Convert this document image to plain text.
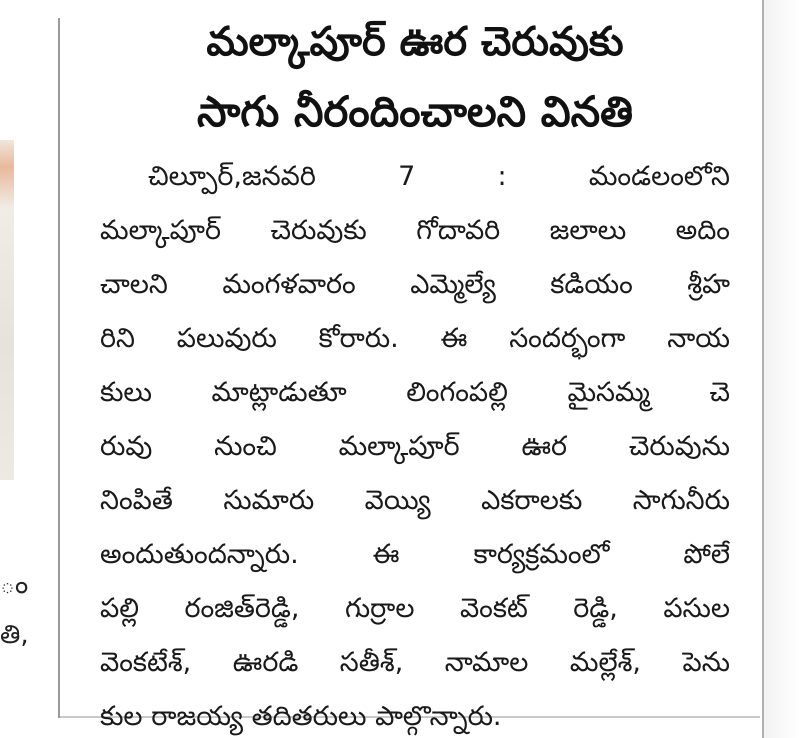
ం
తి,
మల్కాపూర్ ఊర చెరువుకు
సాగు నీరందించాలని వినతి
చిల్పూర్,జనవరి 7 : మండలంలోని
మల్కాపూర్ చెరువుకు గోదావరి జలాలు అదిం
చాలని మంగళవారం ఎమ్మెల్యే కడియం శ్రీహ
రిని పలువురు కోరారు. ఈ సందర్భంగా నాయ
కులు మాట్లాడుతూ లింగంపల్లి మైసమ్మ చె
రువు నుంచి మల్కాపూర్ ఊర చెరువును
నింపితే సుమారు వెయ్యి ఎకరాలకు సాగునీరు
అందుతుందన్నారు. ఈ కార్యక్రమంలో పోలే
పల్లి రంజిత్‌రెడ్డి, గుర్రాల వెంకట్ రెడ్డి, పసుల
వెంకటేశ్, ఊరడి సతీశ్, నామాల మల్లేశ్, పెను
కుల రాజయ్య తదితరులు పాల్గొన్నారు.
